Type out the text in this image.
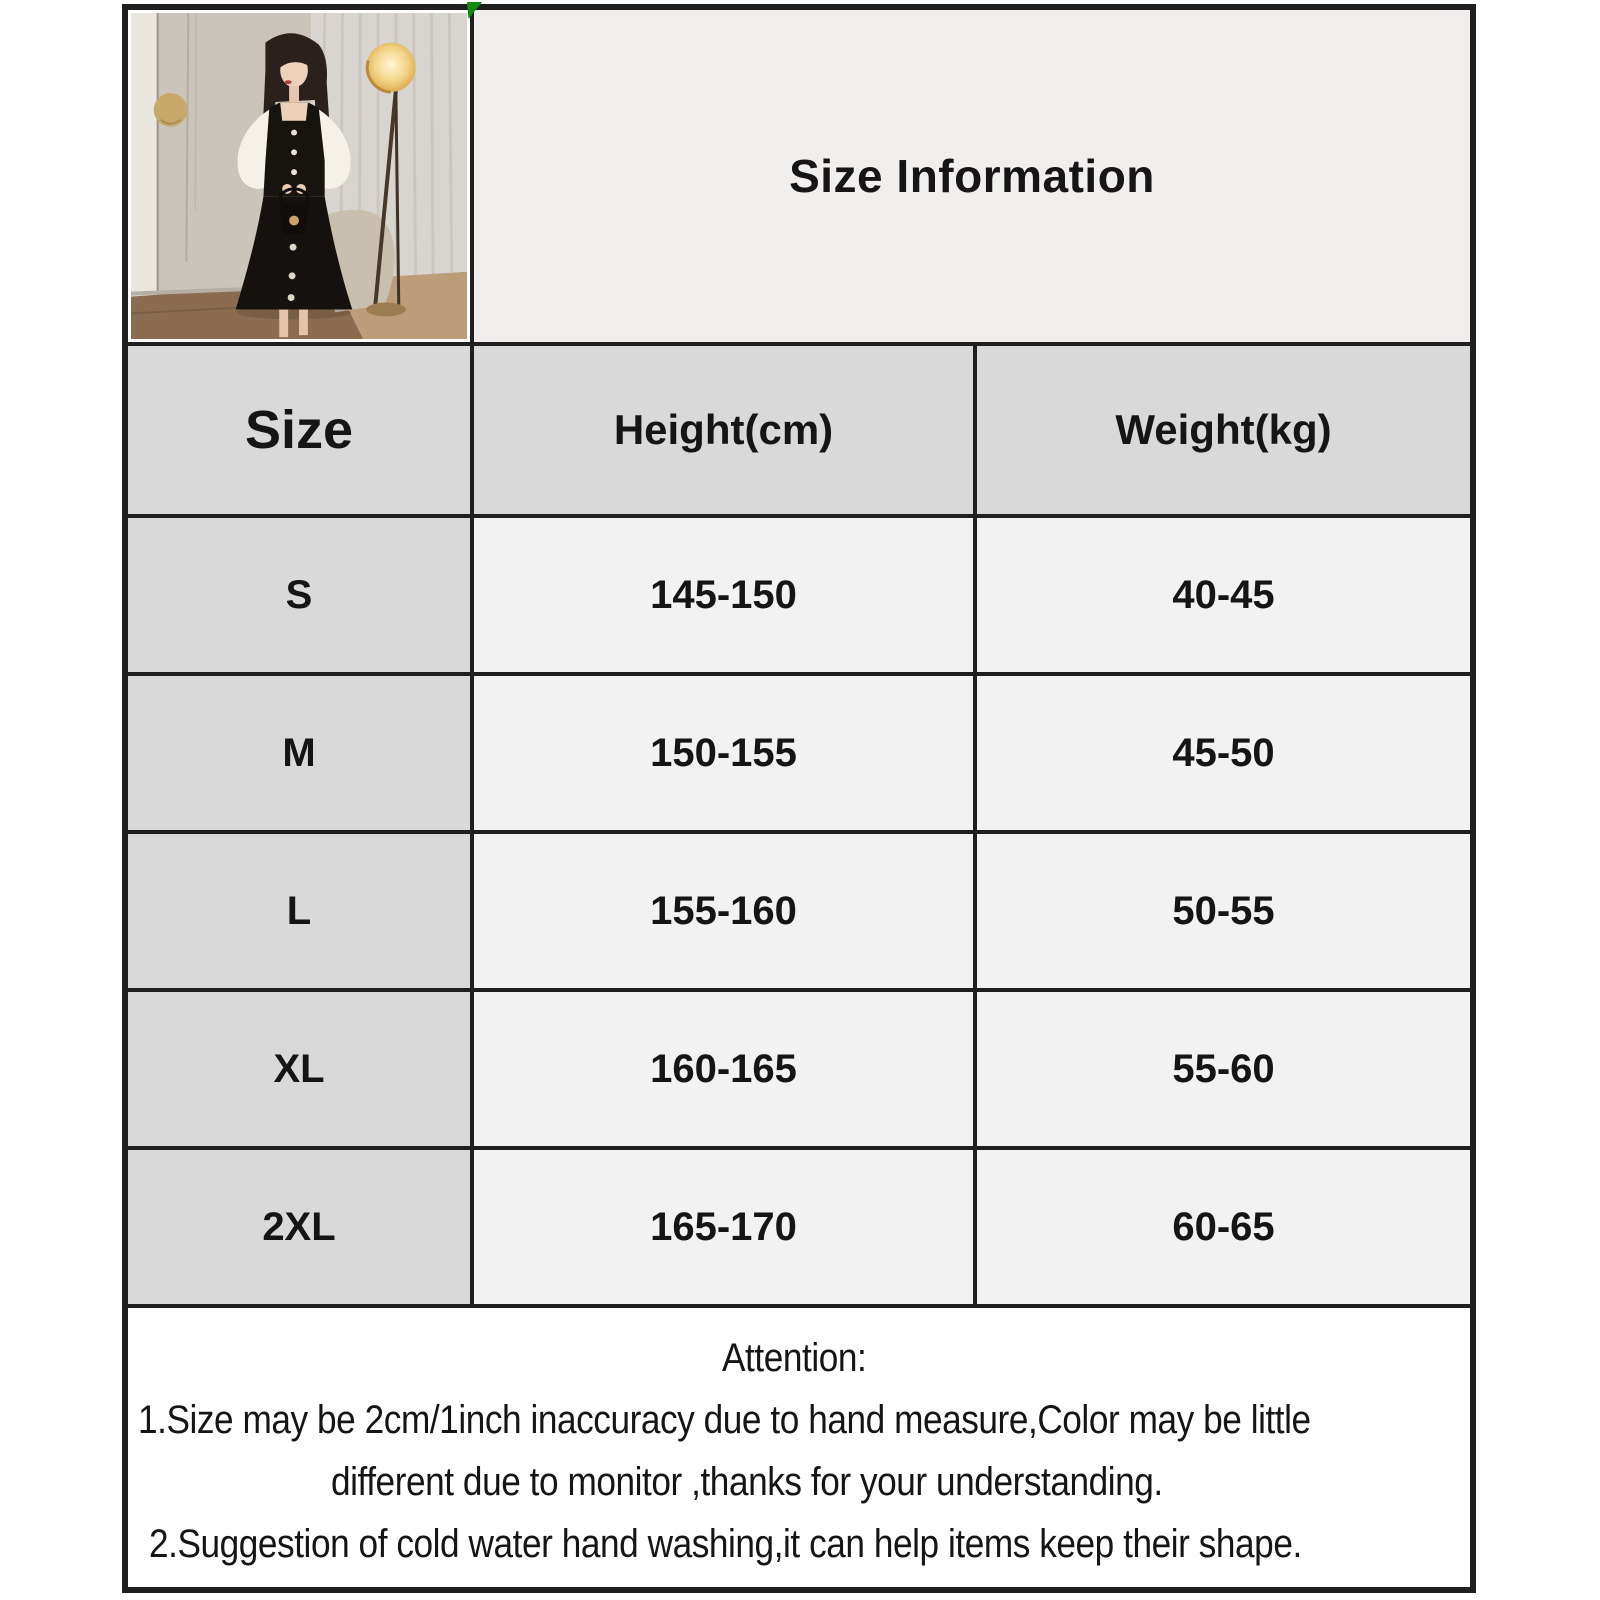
	Size Information	
Size	Height(cm)	Weight(kg)
S	145-150	40-45
M	150-155	45-50
L	155-160	50-55
XL	160-165	55-60
2XL	165-170	60-65

Attention:
1.Size may be 2cm/1inch inaccuracy due to hand measure,Color may be little
different due to monitor ,thanks for your understanding.
2.Suggestion of cold water hand washing,it can help items keep their shape.		
